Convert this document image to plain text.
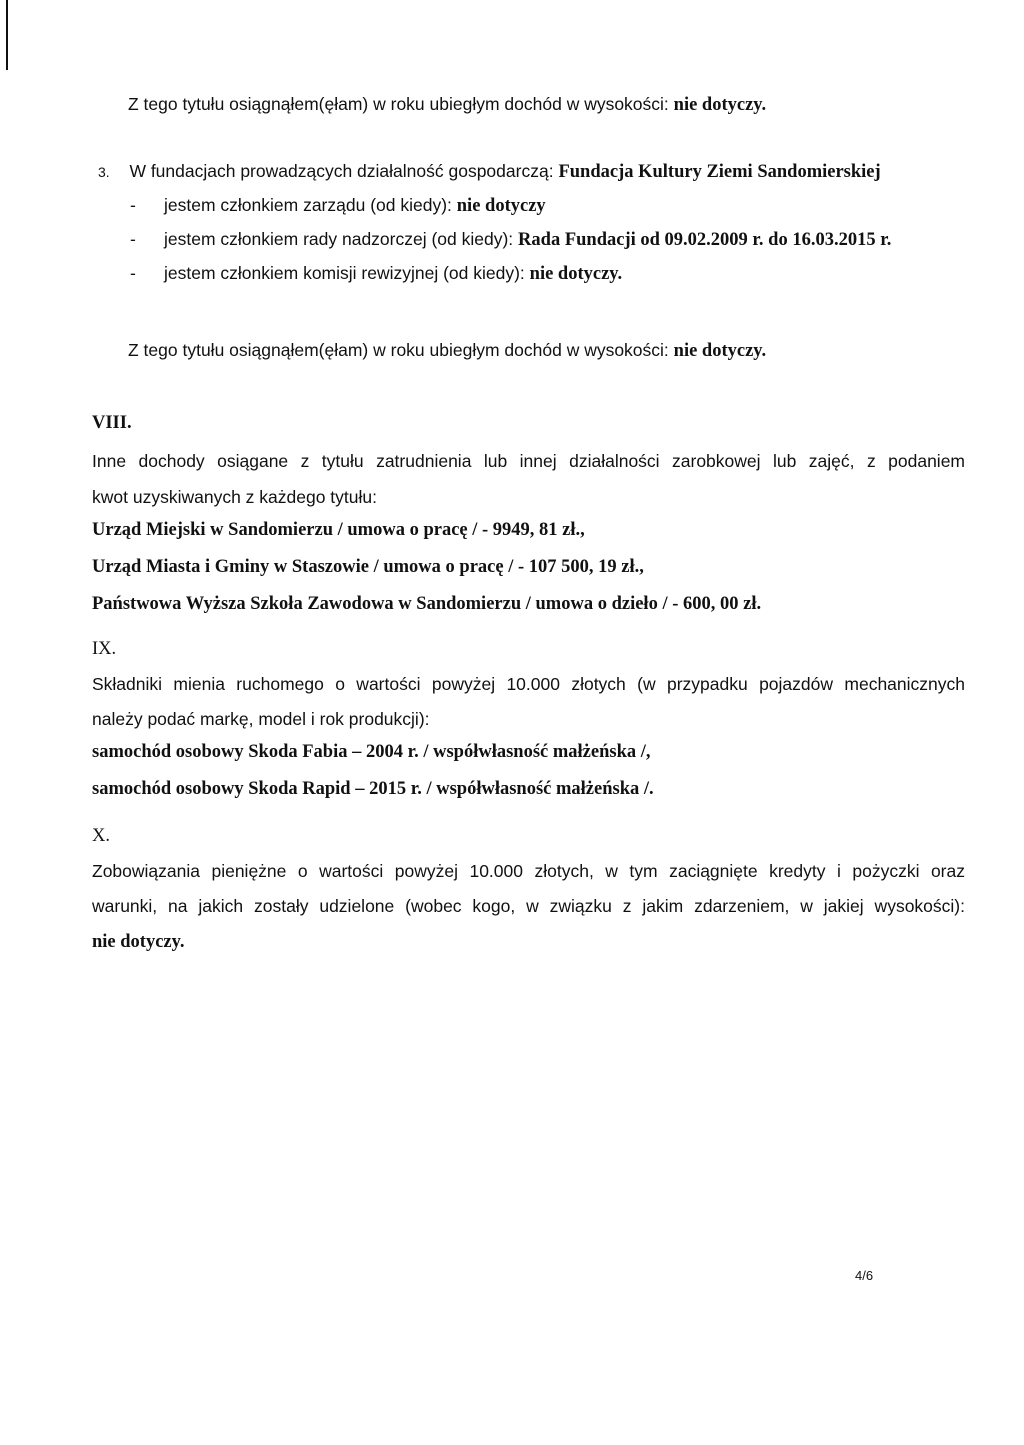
Z tego tytułu osiągnąłem(ęłam) w roku ubiegłym dochód w wysokości: nie dotyczy.
3. W fundacjach prowadzących działalność gospodarczą: Fundacja Kultury Ziemi Sandomierskiej
- jestem członkiem zarządu (od kiedy): nie dotyczy
- jestem członkiem rady nadzorczej (od kiedy): Rada Fundacji od 09.02.2009 r. do 16.03.2015 r.
- jestem członkiem komisji rewizyjnej (od kiedy): nie dotyczy.
Z tego tytułu osiągnąłem(ęłam) w roku ubiegłym dochód w wysokości: nie dotyczy.
VIII.
Inne dochody osiągane z tytułu zatrudnienia lub innej działalności zarobkowej lub zajęć, z podaniem
kwot uzyskiwanych z każdego tytułu:
Urząd Miejski w Sandomierzu / umowa o pracę / - 9949, 81 zł.,
Urząd Miasta i Gminy w Staszowie / umowa o pracę / - 107 500, 19 zł.,
Państwowa Wyższa Szkoła Zawodowa w Sandomierzu / umowa o dzieło / - 600, 00 zł.
IX.
Składniki mienia ruchomego o wartości powyżej 10.000 złotych (w przypadku pojazdów mechanicznych
należy podać markę, model i rok produkcji):
samochód osobowy Skoda Fabia – 2004 r. / współwłasność małżeńska /,
samochód osobowy Skoda Rapid – 2015 r. / współwłasność małżeńska /.
X.
Zobowiązania pieniężne o wartości powyżej 10.000 złotych, w tym zaciągnięte kredyty i pożyczki oraz
warunki, na jakich zostały udzielone (wobec kogo, w związku z jakim zdarzeniem, w jakiej wysokości):
nie dotyczy.
4/6
